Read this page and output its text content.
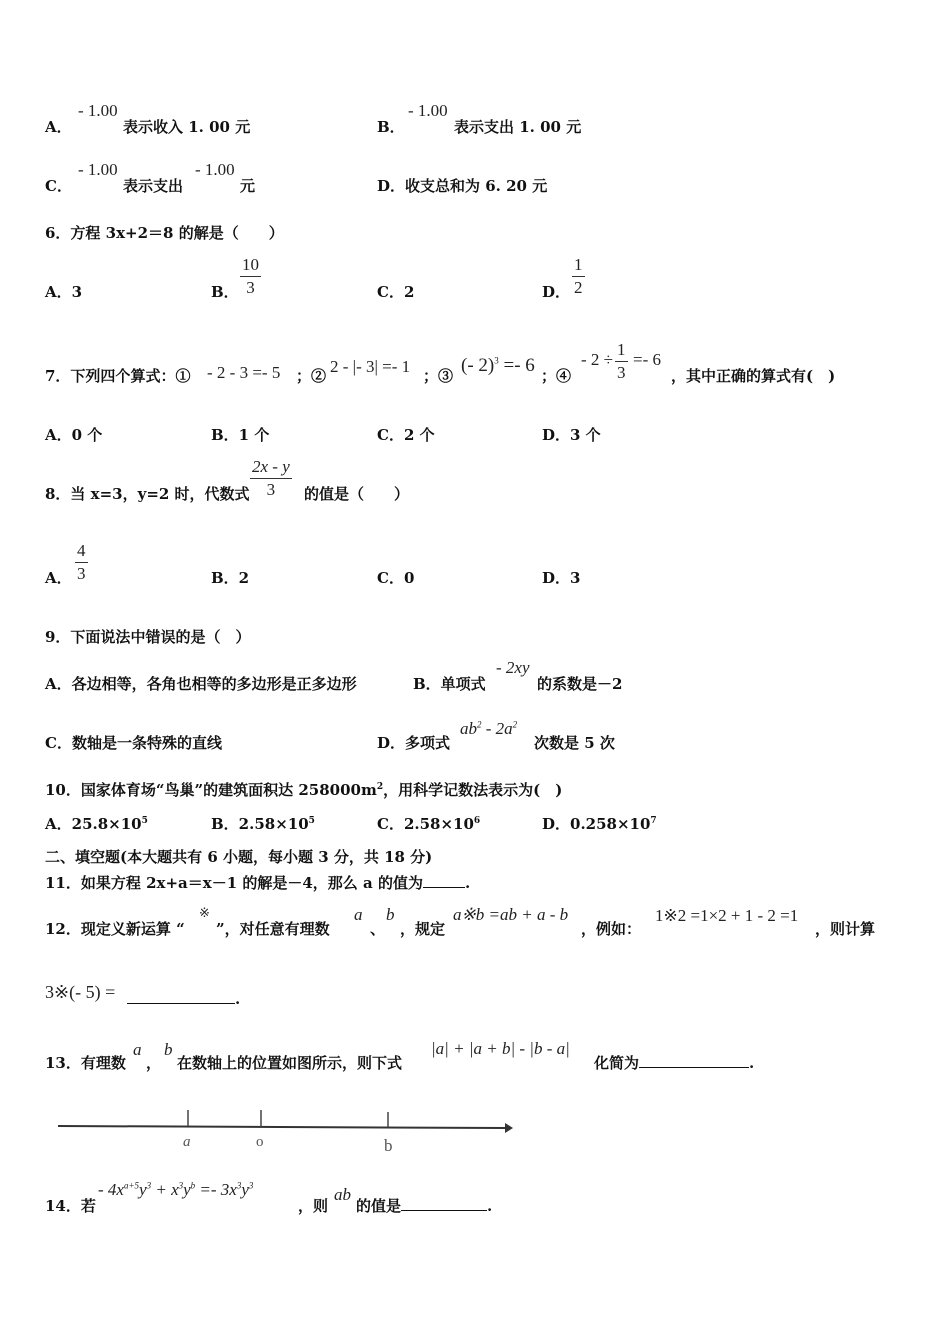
A．
- 1.00
表示收入 1. 00 元	B．
- 1.00
表示支出 1. 00 元
C．
- 1.00
表示支出
- 1.00
元	D． 收支总和为 6. 20 元
6．方程 3x+2＝8 的解是（　　）
A．3	B． $\frac{10}{3}$	C．2	D． $\frac{1}{2}$
7．下列四个算式：① - 2 - 3 =- 5 ；② 2 - |- 3| =- 1 ；③ (- 2)$^3$ =- 6 ；④
- $2 \div \frac{1}{3} =- 6$
，其中正确的算式有(　)
A．0 个	B．1 个	C．2 个	D．3 个
8．当 x=3，y=2 时，代数式 $\frac{2x - y}{3}$ 的值是（　　）
A． $\frac{4}{3}$	B．2	C．0	D．3
9．下面说法中错误的是（　）
A．各边相等，各角也相等的多边形是正多边形	B．单项式
- 2xy
的系数是－2
C．数轴是一条特殊的直线	D．多项式
$ab^2 - 2a^2$
次数是 5 次
10．国家体育场“鸟巢”的建筑面积达 $258000m^2$，用科学记数法表示为(　)
A．$25.8\times 10^5$	B．$2.58\times 10^5$	C．$2.58\times 10^6$	D．$0.258\times 10^7$
二、填空题(本大题共有 6 小题，每小题 3 分，共 18 分)
11．如果方程 2x+a＝x－1 的解是－4，那么 a 的值为	.
12．现定义新运算 “
※
”，对任意有理数
a
、
b
，规定
a※b =ab + a - b
，例如：
1※2 =1×2 + 1 - 2 =1
，则计算
3※(- 5) =	.
13．有理数
a
，
b
在数轴上的位置如图所示，则下式
|a| + |a + b| - |b - a|
化简为	.
a	o	b
14．若
- $4x^{a+5}y^3 + x^3y^b =- 3x^3y^3$
，则
ab
的值是	.
